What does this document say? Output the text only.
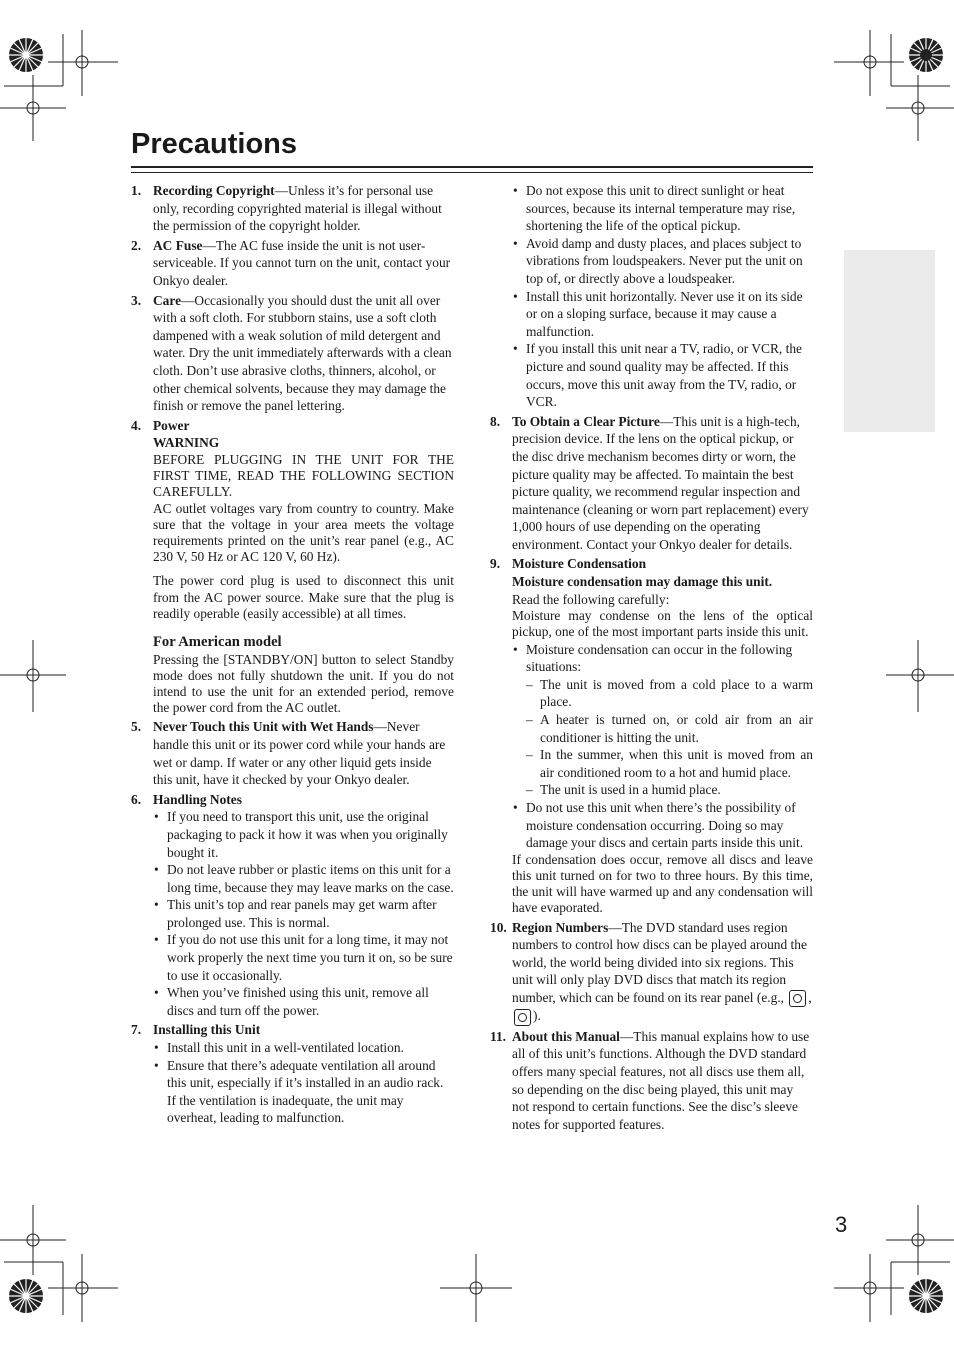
Precautions
1. Recording Copyright—Unless it’s for personal use only, recording copyrighted material is illegal without the permission of the copyright holder.
2. AC Fuse—The AC fuse inside the unit is not user-serviceable. If you cannot turn on the unit, contact your Onkyo dealer.
3. Care—Occasionally you should dust the unit all over with a soft cloth. For stubborn stains, use a soft cloth dampened with a weak solution of mild detergent and water. Dry the unit immediately afterwards with a clean cloth. Don’t use abrasive cloths, thinners, alcohol, or other chemical solvents, because they may damage the finish or remove the panel lettering.
4. Power
WARNING
BEFORE PLUGGING IN THE UNIT FOR THE FIRST TIME, READ THE FOLLOWING SECTION CAREFULLY.
AC outlet voltages vary from country to country. Make sure that the voltage in your area meets the voltage requirements printed on the unit’s rear panel (e.g., AC 230 V, 50 Hz or AC 120 V, 60 Hz).
The power cord plug is used to disconnect this unit from the AC power source. Make sure that the plug is readily operable (easily accessible) at all times.
For American model
Pressing the [STANDBY/ON] button to select Standby mode does not fully shutdown the unit. If you do not intend to use the unit for an extended period, remove the power cord from the AC outlet.
5. Never Touch this Unit with Wet Hands—Never handle this unit or its power cord while your hands are wet or damp. If water or any other liquid gets inside this unit, have it checked by your Onkyo dealer.
6. Handling Notes
• If you need to transport this unit, use the original packaging to pack it how it was when you originally bought it.
• Do not leave rubber or plastic items on this unit for a long time, because they may leave marks on the case.
• This unit’s top and rear panels may get warm after prolonged use. This is normal.
• If you do not use this unit for a long time, it may not work properly the next time you turn it on, so be sure to use it occasionally.
• When you’ve finished using this unit, remove all discs and turn off the power.
7. Installing this Unit
• Install this unit in a well-ventilated location.
• Ensure that there’s adequate ventilation all around this unit, especially if it’s installed in an audio rack. If the ventilation is inadequate, the unit may overheat, leading to malfunction.
• Do not expose this unit to direct sunlight or heat sources, because its internal temperature may rise, shortening the life of the optical pickup.
• Avoid damp and dusty places, and places subject to vibrations from loudspeakers. Never put the unit on top of, or directly above a loudspeaker.
• Install this unit horizontally. Never use it on its side or on a sloping surface, because it may cause a malfunction.
• If you install this unit near a TV, radio, or VCR, the picture and sound quality may be affected. If this occurs, move this unit away from the TV, radio, or VCR.
8. To Obtain a Clear Picture—This unit is a high-tech, precision device. If the lens on the optical pickup, or the disc drive mechanism becomes dirty or worn, the picture quality may be affected. To maintain the best picture quality, we recommend regular inspection and maintenance (cleaning or worn part replacement) every 1,000 hours of use depending on the operating environment. Contact your Onkyo dealer for details.
9. Moisture Condensation
Moisture condensation may damage this unit.
Read the following carefully:
Moisture may condense on the lens of the optical pickup, one of the most important parts inside this unit.
• Moisture condensation can occur in the following situations:
– The unit is moved from a cold place to a warm place.
– A heater is turned on, or cold air from an air conditioner is hitting the unit.
– In the summer, when this unit is moved from an air conditioned room to a hot and humid place.
– The unit is used in a humid place.
• Do not use this unit when there’s the possibility of moisture condensation occurring. Doing so may damage your discs and certain parts inside this unit.
If condensation does occur, remove all discs and leave this unit turned on for two to three hours. By this time, the unit will have warmed up and any condensation will have evaporated.
10. Region Numbers—The DVD standard uses region numbers to control how discs can be played around the world, the world being divided into six regions. This unit will only play DVD discs that match its region number, which can be found on its rear panel (e.g., , ).
11. About this Manual—This manual explains how to use all of this unit’s functions. Although the DVD standard offers many special features, not all discs use them all, so depending on the disc being played, this unit may not respond to certain functions. See the disc’s sleeve notes for supported features.
3
